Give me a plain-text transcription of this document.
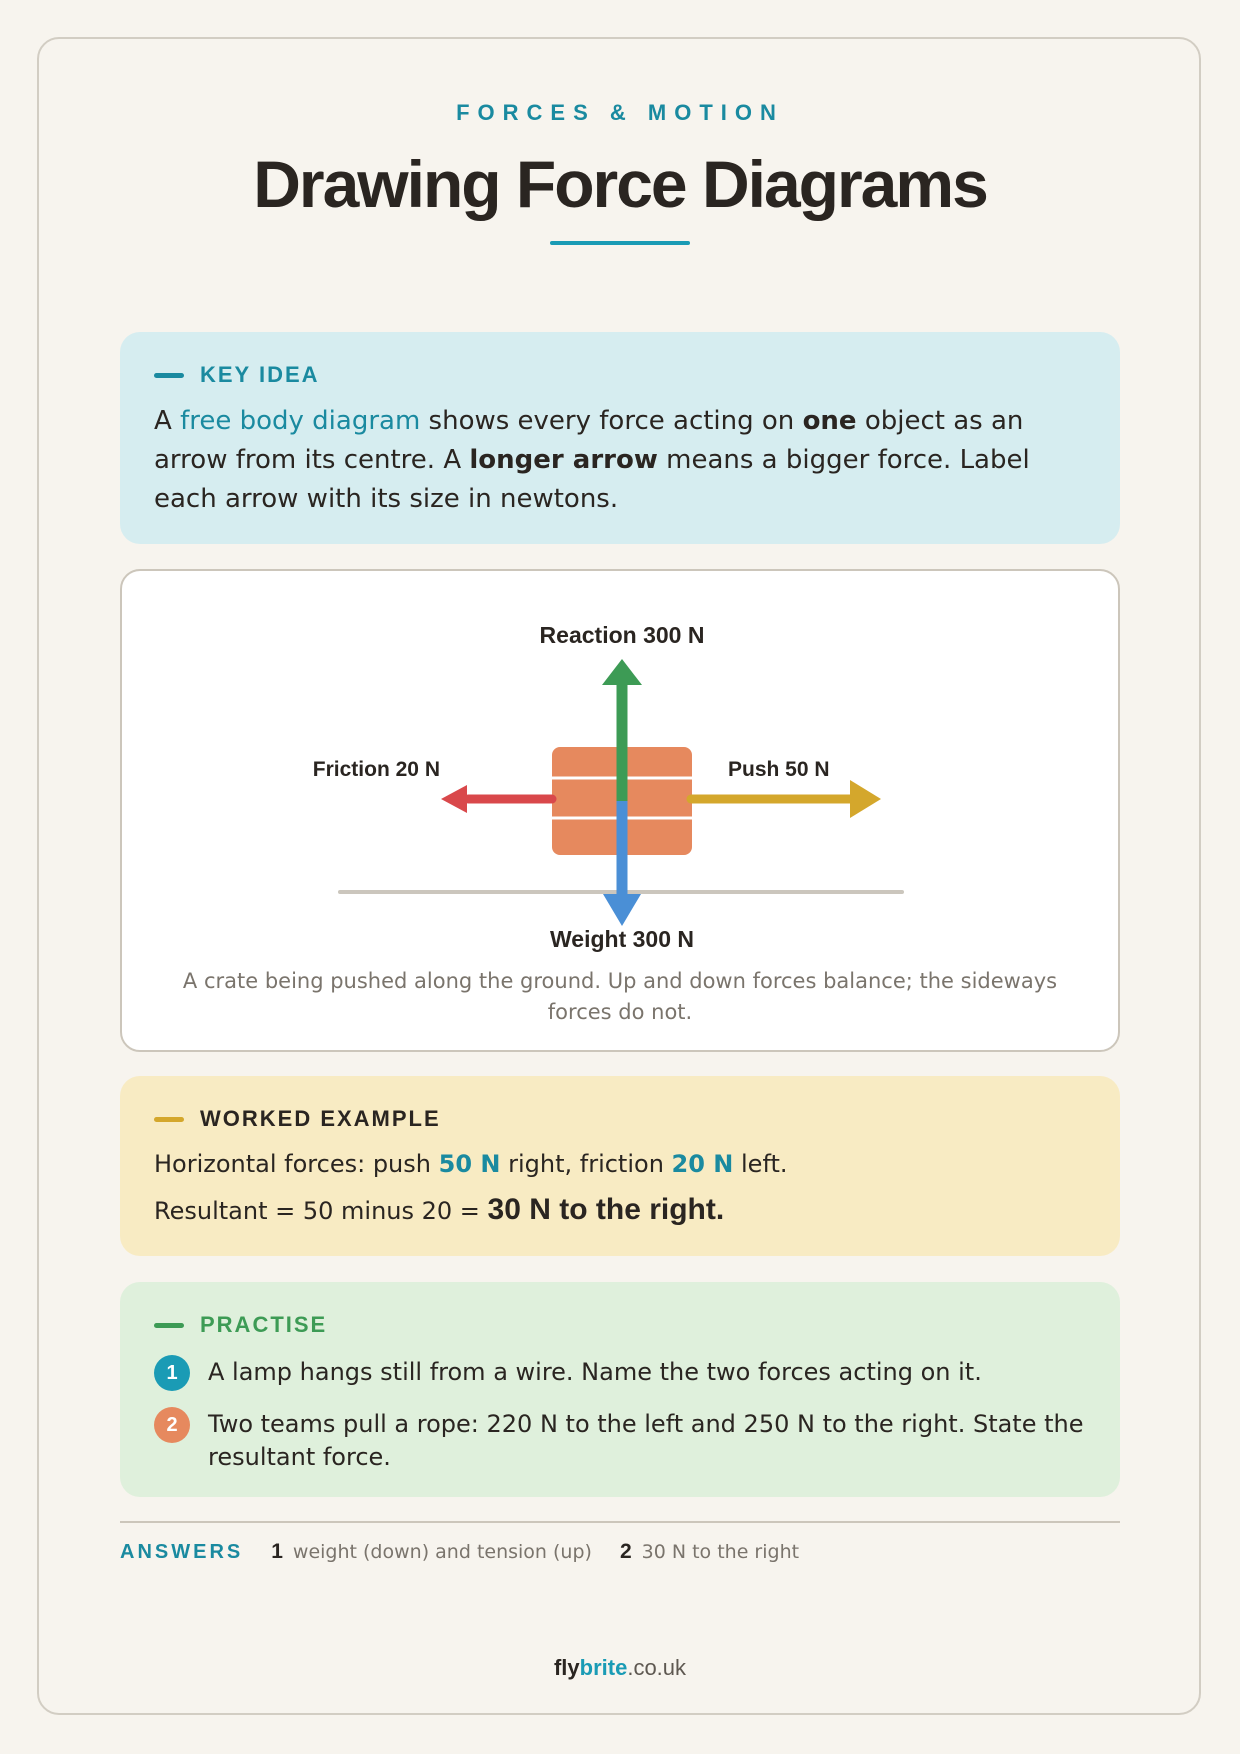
FORCES & MOTION
Drawing Force Diagrams
KEY IDEA
A free body diagram shows every force acting on one object as an arrow from its centre. A longer arrow means a bigger force. Label each arrow with its size in newtons.
Reaction 300 N
Weight 300 N
Friction 20 N	Push 50 N
A crate being pushed along the ground. Up and down forces balance; the sideways forces do not.
WORKED EXAMPLE
Horizontal forces: push 50 N right, friction 20 N left.
Resultant = 50 minus 20 = 30 N to the right.
PRACTISE
1	A lamp hangs still from a wire. Name the two forces acting on it.
2	Two teams pull a rope: 220 N to the left and 250 N to the right. State the resultant force.
ANSWERS 1 weight (down) and tension (up) 2 30 N to the right
flybrite.co.uk
